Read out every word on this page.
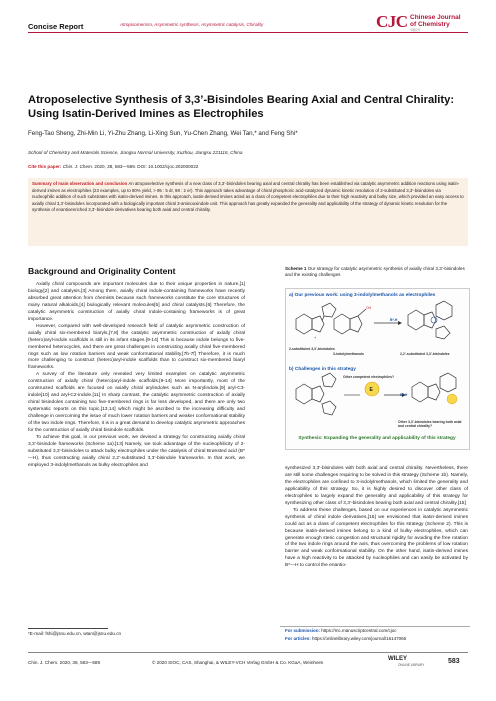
Concise Report	Atropisomerism, Asymmetric synthesis, Asymmetric catalysis, Chirality	CJC Chinese Journal
of Chemistry
中国化学
Atroposelective Synthesis of 3,3’-Bisindoles Bearing Axial and Central Chirality: Using Isatin-Derived Imines as Electrophiles
Feng-Tao Sheng, Zhi-Min Li, Yi-Zhu Zhang, Li-Xing Sun, Yu-Chen Zhang, Wei Tan,* and Feng Shi*
School of Chemistry and Materials Science, Jiangsu Normal University, Xuzhou, Jiangsu 221116, China
Cite this paper: Chin. J. Chem. 2020, 38, 583—589. DOI: 10.1002/cjoc.202000022
Summary of main observation and conclusion An atroposelective synthesis of a new class of 3,3’-bisindoles bearing axial and central chirality has been established via catalytic asymmetric addition reactions using isatin-derived imines as electrophiles (23 examples, up to 80% yield, > 95 : 5 dr, 98 : 2 er). This approach takes advantage of chiral phosphoric acid-catalyzed dynamic kinetic resolution of 2-substituted 3,3’-bisindoles via nucleophilic addition of such substrates with isatin-derived imines. In this approach, isatin-derived imines acted as a class of competent electrophiles due to their high reactivity and bulky size, which provided an easy access to axially chiral 3,3’-bisindoles incorporated with a biologically important chiral 3-aminooxindole unit. This approach has greatly expanded the generality and applicability of the strategy of dynamic kinetic resolution for the synthesis of enantioenriched 3,3’-bisindole derivatives bearing both axial and central chirality.
Background and Originality Content

Axially chiral compounds are important molecules due to their unique properties in nature,[1] biology[2] and catalysis.[3] Among them, axially chiral indole-containing frameworks have recently absorbed great attention from chemists because such frameworks constitute the core structures of many natural alkaloids,[4] biologically relevant molecules[5] and chiral catalysts.[6] Therefore, the catalytic asymmetric construction of axially chiral indole-containing frameworks is of great importance.

However, compared with well-developed research field of catalytic asymmetric construction of axially chiral six-membered biaryls,[7,8] the catalytic asymmetric construction of axially chiral (hetero)aryl-indole scaffolds is still in its infant stages.[9-14] This is because indole belongs to five-membered heterocycles, and there are great challenges in constructing axially chiral five-membered rings such as low rotation barriers and weak conformational stability.[7b-7f] Therefore, it is much more challenging to construct (hetero)aryl-indole scaffolds than to construct six-membered biaryl frameworks.

A survey of the literature only revealed very limited examples on catalytic asymmetric construction of axially chiral (hetero)aryl-indole scaffolds.[9-14] More importantly, most of the constructed scaffolds are focused on axially chiral arylindoles such as N-arylindole,[9] aryl-C3-indole[10] and aryl-C2-indole.[11] In sharp contrast, the catalytic asymmetric construction of axially chiral bisindoles containing two five-membered rings is far less developed, and there are only two systematic reports on this topic,[13,14] which might be ascribed to the increasing difficulty and challenge in overcoming the issue of much lower rotation barriers and weaker conformational stability of the two indole rings. Therefore, it is in a great demand to develop catalytic asymmetric approaches for the construction of axially chiral bisindole scaffolds.

To achieve this goal, in our previous work, we devised a strategy for constructing axially chiral 3,3’-bisindole frameworks (Scheme 1a).[13] Namely, we took advantage of the nucleophilicity of 2-substituted 3,3’-bisindoles to attack bulky electrophiles under the catalysis of chiral Brønsted acid (B*—H), thus constructing axially chiral 2,2’-substituted 3,3’-bisindole frameworks. In that work, we employed 3-indolylmethanols as bulky electrophiles and

Scheme 1 Our strategy for catalytic asymmetric synthesis of axially chiral 3,3’-bisindoles and the existing challenges
+
OH
E
a) Our previous work: using 3-indolylmethanols as electrophiles
2-substituted 3,3’-bisindoles
3-indolylmethanols
B*-H
2,2’-substituted 3,3’-bisindoles
b) Challenges in this strategy
Other competent electrophiles?
B*-H
Other 3,3’-bisindoles bearing both axial and central chirality?
Synthesis: Expanding the generality and applicability of this strategy

synthesized 3,3’-bisindoles with both axial and central chirality. Nevertheless, there are still some challenges requiring to be solved in this strategy (Scheme 1b). Namely, the electrophiles are confined to 3-indolylmethanols, which limited the generality and applicability of this strategy. So, it is highly desired to discover other class of electrophiles to largely expand the generality and applicability of this strategy for synthesizing other class of 3,3’-bisindoles bearing both axial and central chirality.[15]

To address these challenges, based on our experiences in catalytic asymmetric synthesis of chiral indole derivatives,[16] we envisioned that isatin-derived imines could act as a class of competent electrophiles for this strategy (Scheme 2). This is because isatin-derived imines belong to a kind of bulky electrophiles, which can generate enough steric congestion and structural rigidity for avoiding the free rotation of the two indole rings around the axis, thus overcoming the problems of low rotation barrier and weak conformational stability. On the other hand, isatin-derived imines have a high reactivity to be attacked by nucleophiles and can easily be activated by B*—H to control the enantio-

*E-mail: fshi@jsnu.edu.cn, wtan@jsnu.edu.cn
For submission: https://mc.manuscriptcentral.com/cjoc
For articles: https://onlinelibrary.wiley.com/journal/16147065
Chin. J. Chem. 2020, 38, 583—589	© 2020 SIOC, CAS, Shanghai, & WILEY-VCH Verlag GmbH & Co. KGaA, Weinheim
WILEY
ONLINE LIBRARY	583
